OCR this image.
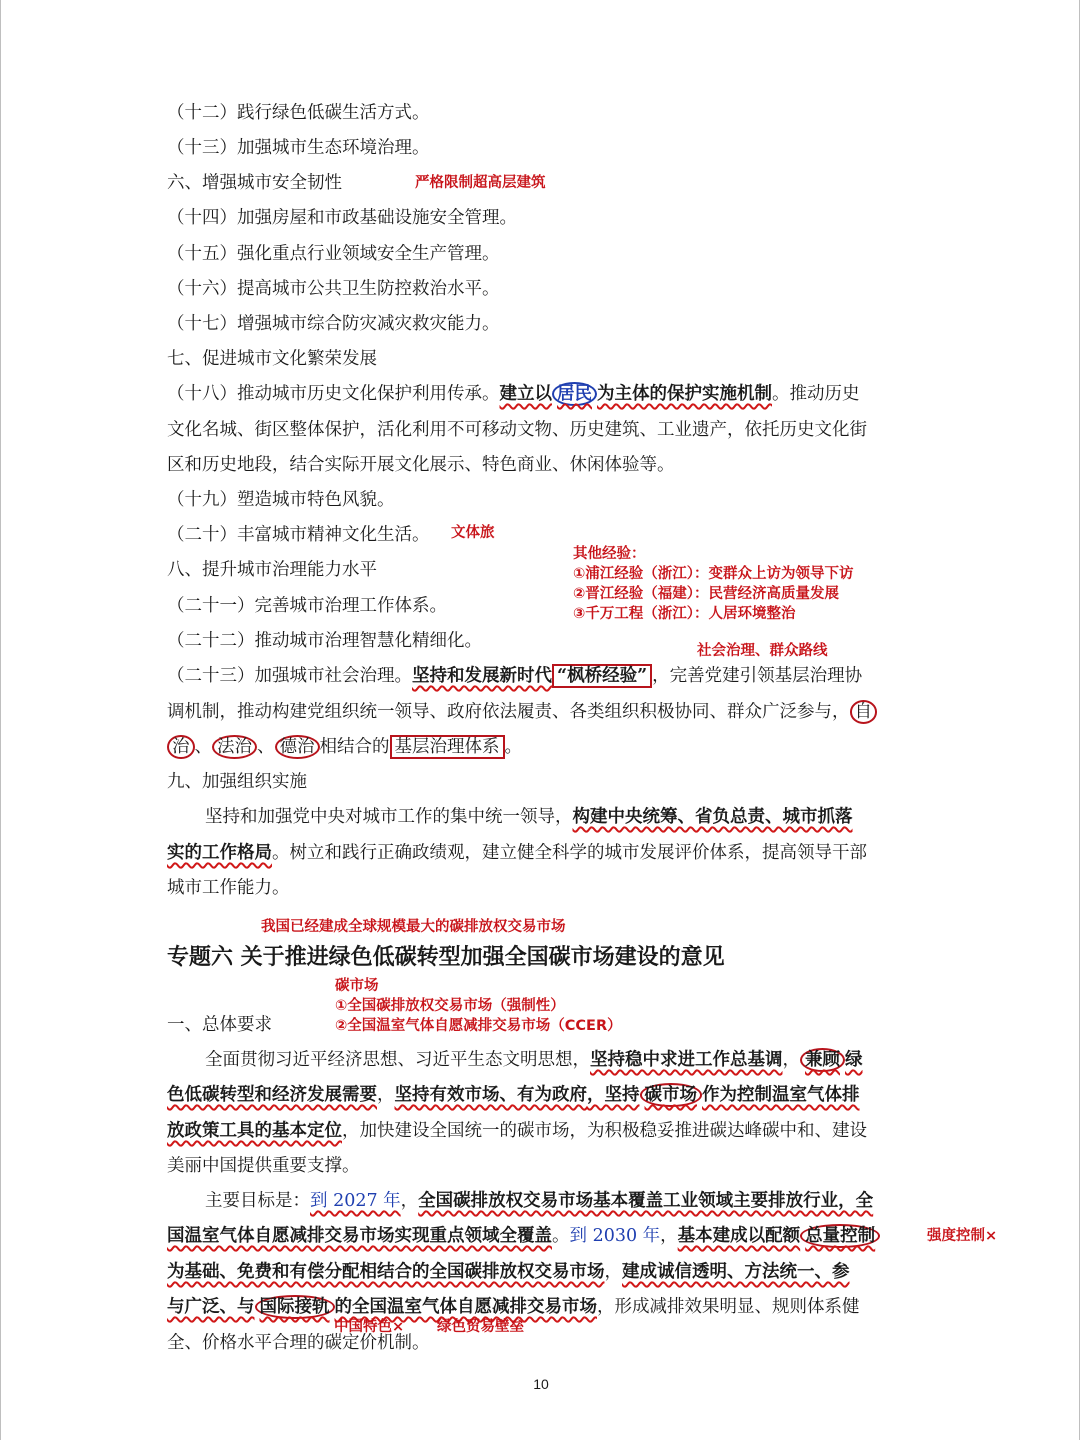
（十二）践行绿色低碳生活方式。
（十三）加强城市生态环境治理。
六、增强城市安全韧性	严格限制超高层建筑
（十四）加强房屋和市政基础设施安全管理。
（十五）强化重点行业领域安全生产管理。
（十六）提高城市公共卫生防控救治水平。
（十七）增强城市综合防灾减灾救灾能力。
七、促进城市文化繁荣发展
（十八）推动城市历史文化保护利用传承。建立以 居民 为主体的保护实施机制。推动历史
文化名城、街区整体保护，活化利用不可移动文物、历史建筑、工业遗产，依托历史文化街
区和历史地段，结合实际开展文化展示、特色商业、休闲体验等。
（十九）塑造城市特色风貌。
（二十）丰富城市精神文化生活。 文体旅
其他经验：
①浦江经验（浙江）：变群众上访为领导下访
②晋江经验（福建）：民营经济高质量发展
③千万工程（浙江）：人居环境整治
八、提升城市治理能力水平
（二十一）完善城市治理工作体系。
（二十二）推动城市治理智慧化精细化。	社会治理、群众路线
（二十三）加强城市社会治理。坚持和发展新时代 “枫桥经验” ，完善党建引领基层治理协
调机制，推动构建党组织统一领导、政府依法履责、各类组织积极协同、群众广泛参与， 自
治 、 法治 、 德治 相结合的 基层治理体系 。
九、加强组织实施
坚持和加强党中央对城市工作的集中统一领导，构建中央统筹、省负总责、城市抓落
实的工作格局。树立和践行正确政绩观，建立健全科学的城市发展评价体系，提高领导干部
城市工作能力。
我国已经建成全球规模最大的碳排放权交易市场
专题六 关于推进绿色低碳转型加强全国碳市场建设的意见
碳市场
①全国碳排放权交易市场（强制性）
②全国温室气体自愿减排交易市场（CCER）
一、总体要求
全面贯彻习近平经济思想、习近平生态文明思想，坚持稳中求进工作总基调， 兼顾 绿
色低碳转型和经济发展需要，坚持有效市场、有为政府，坚持 碳市场 作为控制温室气体排
放政策工具的基本定位，加快建设全国统一的碳市场，为积极稳妥推进碳达峰碳中和、建设
美丽中国提供重要支撑。
主要目标是：到 2027 年，全国碳排放权交易市场基本覆盖工业领域主要排放行业，全
国温室气体自愿减排交易市场实现重点领域全覆盖。到 2030 年，基本建成以配额 总量控制	强度控制×
为基础、免费和有偿分配相结合的全国碳排放权交易市场，建成诚信透明、方法统一、参
与广泛、与 国际接轨 的全国温室气体自愿减排交易市场，形成减排效果明显、规则体系健
中国特色× 绿色贸易壁垒
全、价格水平合理的碳定价机制。
10
